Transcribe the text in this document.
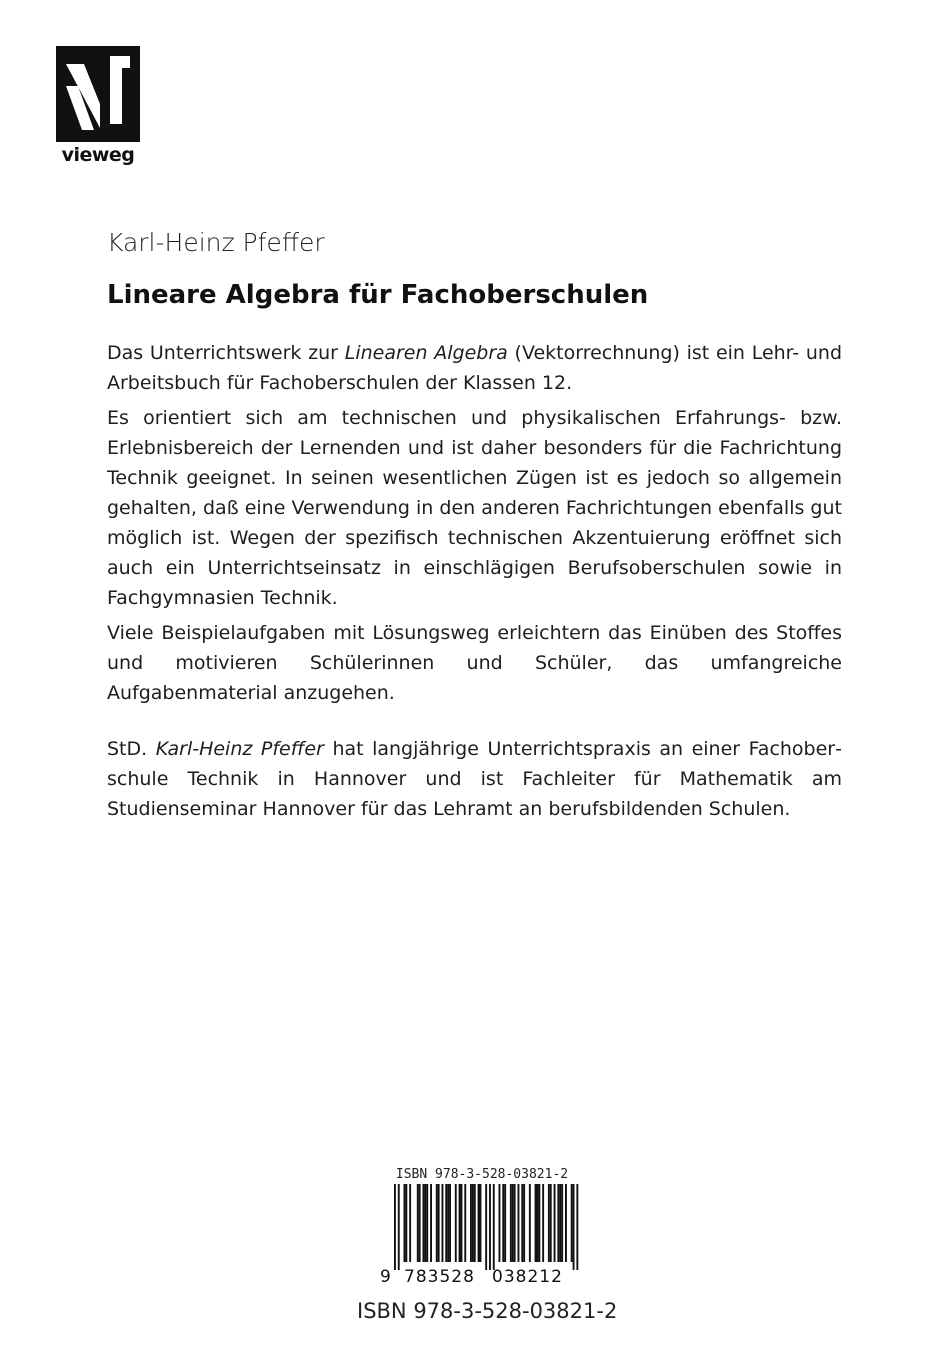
vieweg
Karl-Heinz Pfeffer
Lineare Algebra für Fachoberschulen

Das Unterrichtswerk zur Linearen Algebra (Vektorrechnung) ist ein Lehr- und Arbeitsbuch für Fachoberschulen der Klassen 12.

Es orientiert sich am technischen und physikalischen Erfahrungs- bzw. Erlebnisbereich der Lernenden und ist daher besonders für die Fachrichtung Technik geeignet. In seinen wesentlichen Zügen ist es jedoch so allgemein gehalten, daß eine Verwendung in den anderen Fachrichtungen ebenfalls gut möglich ist. Wegen der spezifisch technischen Akzentuierung eröffnet sich auch ein Unterrichtseinsatz in einschlägigen Berufsoberschulen sowie in Fachgymnasien Technik.

Viele Beispielaufgaben mit Lösungsweg erleichtern das Einüben des Stoffes und motivieren Schülerinnen und Schüler, das umfangreiche Aufgabenmaterial anzugehen.

StD. Karl-Heinz Pfeffer hat langjährige Unterrichtspraxis an einer Fachoberschule Technik in Hannover und ist Fachleiter für Mathematik am Studienseminar Hannover für das Lehramt an berufsbildenden Schulen.

ISBN 978-3-528-03821-2
9 783528 038212
ISBN 978-3-528-03821-2
